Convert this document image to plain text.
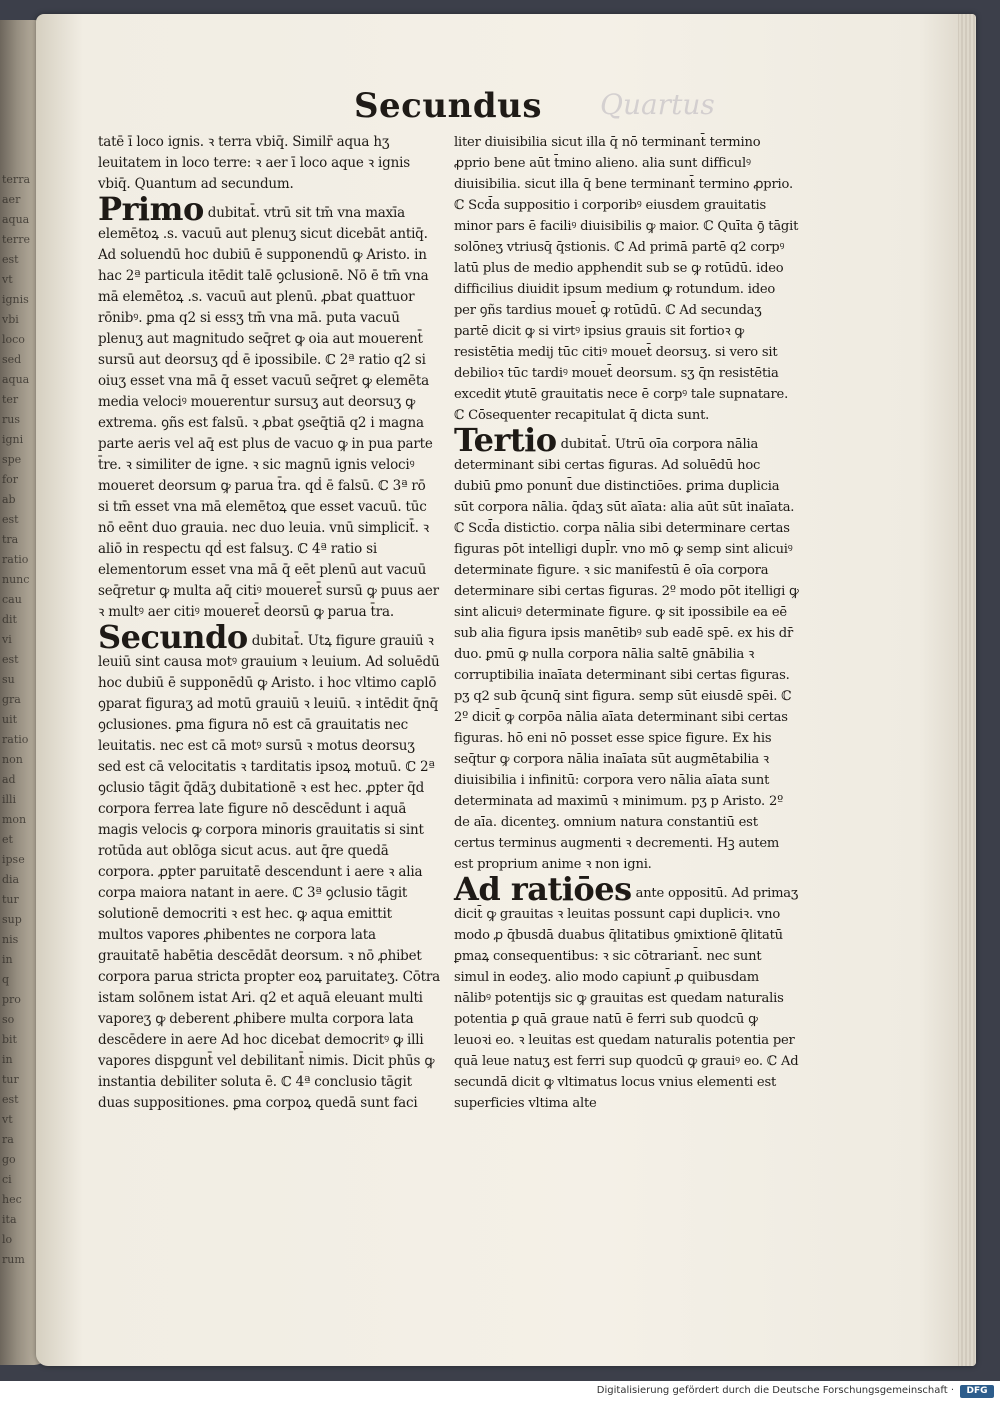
terra
aer
aqua
terre
est
vt
ignis
vbi
loco
sed
aqua
ter
rus
igni
spe
for
ab
est
tra
ratio
nunc
cau
dit
vi
est
su
gra
uit
ratio
non
ad
illi
mon
et
ipse
dia
tur
sup
nis
in
q
pro
so
bit
in
tur
est
vt
ra
go
ci
hec
ita
lo
rum
Quartus
Secundus

tatē ī loco ignis. ꝛ terra vbiq̄. Similr̄ aqua hʒ leuitatem in loco terre: ꝛ aer ī loco aque ꝛ ignis vbiq̄. Quantum ad secundum.

Primo dubitat̄. vtrū sit tm̄ vna maxīa elemētoꝝ .s. vacuū aut plenuʒ sicut dicebāt antiq̄. Ad soluendū hoc dubiū ē supponendū ꝙ Aristo. in hac 2ª particula itēdit talē ꝯclusionē. Nō ē tm̄ vna mā elemētoꝝ .s. vacuū aut plenū. ꝓbat quattuor rōnibꝰ. ꝑma q2 si essʒ tm̄ vna mā. puta vacuū plenuʒ aut magnitudo seq̄ret ꝙ oia aut mouerent̄ sursū aut deorsuʒ qḋ ē ipossibile. ℂ 2ª ratio q2 si oiuʒ esset vna mā q̄ esset vacuū seq̄ret ꝙ elemēta media velociꝰ mouerentur sursuʒ aut deorsuʒ ꝙ extrema. ꝯñs est falsū. ꝛ ꝓbat ꝯseq̄tiā q2 i magna parte aeris vel aq̄ est plus de vacuo ꝙ in pua parte t̄re. ꝛ similiter de igne. ꝛ sic magnū ignis velociꝰ moueret deorsum ꝙ parua t̄ra. qḋ ē falsū. ℂ 3ª rō si tm̄ esset vna mā elemētoꝝ que esset vacuū. tūc nō eēnt duo grauia. nec duo leuia. vnū simplicit̄. ꝛ aliō in respectu qḋ est falsuʒ. ℂ 4ª ratio si elementorum esset vna mā q̄ eēt plenū aut vacuū seq̄retur ꝙ multa aq̄ citiꝰ moueret̄ sursū ꝙ puus aer ꝛ multꝰ aer citiꝰ moueret̄ deorsū ꝙ parua t̄ra.

Secundo dubitat̄. Utꝝ figure grauiū ꝛ leuiū sint causa motꝰ grauium ꝛ leuium. Ad soluēdū hoc dubiū ē supponēdū ꝙ Aristo. i hoc vltimo caplō ꝯparat figuraʒ ad motū grauiū ꝛ leuiū. ꝛ intēdit q̄nq̄ ꝯclusiones. ꝑma figura nō est cā grauitatis nec leuitatis. nec est cā motꝰ sursū ꝛ motus deorsuʒ sed est cā velocitatis ꝛ tarditatis ipsoꝝ motuū. ℂ 2ª ꝯclusio tāgit q̄dāʒ dubitationē ꝛ est hec. ꝓpter q̄d corpora ferrea late figure nō descēdunt i aquā magis velocis ꝙ corpora minoris grauitatis si sint rotūda aut oblōga sicut acus. aut q̄re quedā corpora. ꝓpter paruitatē descendunt i aere ꝛ alia corpa maiora natant in aere. ℂ 3ª ꝯclusio tāgit solutionē democriti ꝛ est hec. ꝙ aqua emittit multos vapores ꝓhibentes ne corpora lata grauitatē habētia descēdāt deorsum. ꝛ nō ꝓhibet corpora parua stricta propter eoꝝ paruitateʒ. Cōtra istam solōnem istat Ari. q2 et aquā eleuant multi vaporeʒ ꝙ deberent ꝓhibere multa corpora lata descēdere in aere Ad hoc dicebat democritꝰ ꝙ illi vapores dispgunt̄ vel debilitant̄ nimis. Dicit phūs ꝙ instantia debiliter soluta ē. ℂ 4ª conclusio tāgit duas suppositiones. ꝑma corpoꝝ quedā sunt faci

liter diuisibilia sicut illa q̄ nō terminant̄ termino ꝓprio bene aūt t̄mino alieno. alia sunt difficulꝰ diuisibilia. sicut illa q̄ bene terminant̄ termino ꝓprio. ℂ Scd̄a suppositio i corporibꝰ eiusdem grauitatis minor pars ē faciliꝰ diuisibilis ꝙ maior. ℂ Quīta ꝯ̄ tāgit solōneʒ vtriusq̄ q̄stionis. ℂ Ad primā partē q2 corpꝰ latū plus de medio apphendit sub se ꝙ rotūdū. ideo difficilius diuidit ipsum medium ꝙ rotundum. ideo per ꝯñs tardius mouet̄ ꝙ rotūdū. ℂ Ad secundaʒ partē dicit ꝙ si virtꝰ ipsius grauis sit fortioꝛ ꝙ resistētia medij tūc citiꝰ mouet̄ deorsuʒ. si vero sit debilioꝛ tūc tardiꝰ mouet̄ deorsum. sʒ q̄n resistētia excedit ꝟtutē grauitatis nece ē corpꝰ tale supnatare. ℂ Cōsequenter recapitulat q̄ dicta sunt.

Tertio dubitat̄. Utrū oīa corpora nālia determinant sibi certas figuras. Ad soluēdū hoc dubiū ꝑmo ponunt̄ due distinctiōes. ꝑrima duplicia sūt corpora nālia. q̄daʒ sūt aīata: alia aūt sūt inaīata. ℂ Scd̄a distictio. corpa nālia sibi determinare certas figuras pōt intelligi dupl̄r. vno mō ꝙ semp sint alicuiꝰ determinate figure. ꝛ sic manifestū ē oīa corpora determinare sibi certas figuras. 2º modo pōt itelligi ꝙ sint alicuiꝰ determinate figure. ꝙ sit ipossibile ea eē sub alia figura ipsis manētibꝰ sub eadē spē. ex his dr̄ duo. ꝑmū ꝙ nulla corpora nālia saltē gnābilia ꝛ corruptibilia inaīata determinant sibi certas figuras. pʒ q2 sub q̄cunq̄ sint figura. semp sūt eiusdē spēi. ℂ 2º dicit̄ ꝙ corpōa nālia aīata determinant sibi certas figuras. hō eni nō posset esse spice figure. Ex his seq̄tur ꝙ corpora nālia inaīata sūt augmētabilia ꝛ diuisibilia i infinitū: corpora vero nālia aīata sunt determinata ad maximū ꝛ minimum. pʒ p Aristo. 2º de aīa. dicenteʒ. omnium natura constantiū est certus terminus augmenti ꝛ decrementi. Hꝫ autem est proprium anime ꝛ non igni.

Ad ratiōes ante oppositū. Ad primaʒ dicit̄ ꝙ grauitas ꝛ leuitas possunt capi dupliciꝛ. vno modo ꝓ q̄busdā duabus q̄litatibus ꝯmixtionē q̄litatū ꝑmaꝝ consequentibus: ꝛ sic cōtrariant̄. nec sunt simul in eodeʒ. alio modo capiunt̄ ꝓ quibusdam nālibꝰ potentijs sic ꝙ grauitas est quedam naturalis potentia ꝑ quā graue natū ē ferri sub quodcū ꝙ leuoꝛi eo. ꝛ leuitas est quedam naturalis potentia per quā leue natuʒ est ferri sup quodcū ꝙ grauiꝰ eo. ℂ Ad secundā dicit ꝙ vltimatus locus vnius elementi est superficies vltima alte

Digitalisierung gefördert durch die Deutsche Forschungsgemeinschaft ·	DFG
